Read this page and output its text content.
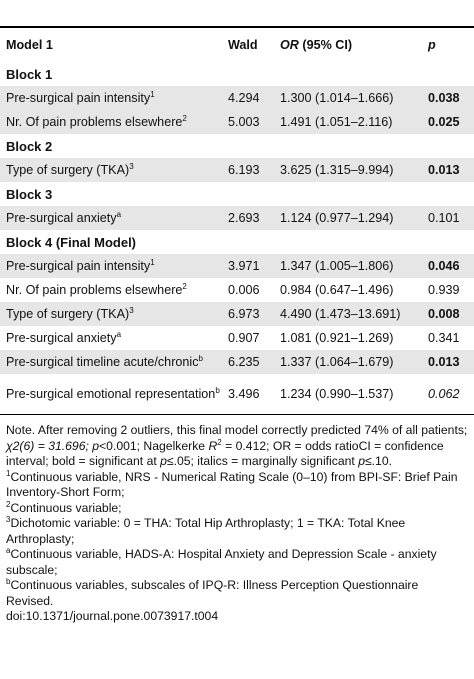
Model 1	Wald	OR (95% CI)	p
Block 1			
Pre-surgical pain intensity$^1$	4.294	1.300 (1.014–1.666)	0.038
Nr. Of pain problems elsewhere$^2$	5.003	1.491 (1.051–2.116)	0.025
Block 2			
Type of surgery (TKA)$^3$	6.193	3.625 (1.315–9.994)	0.013
Block 3			
Pre-surgical anxiety$^a$	2.693	1.124 (0.977–1.294)	0.101
Block 4 (Final Model)			
Pre-surgical pain intensity$^1$	3.971	1.347 (1.005–1.806)	0.046
Nr. Of pain problems elsewhere$^2$	0.006	0.984 (0.647–1.496)	0.939
Type of surgery (TKA)$^3$	6.973	4.490 (1.473–13.691)	0.008
Pre-surgical anxiety$^a$	0.907	1.081 (0.921–1.269)	0.341
Pre-surgical timeline acute/chronic$^b$	6.235	1.337 (1.064–1.679)	0.013
Pre-surgical emotional representation$^b$	3.496	1.234 (0.990–1.537)	0.062

Note. After removing 2 outliers, this final model correctly predicted 74% of all patients; χ2(6) = 31.696; p<0.001; Nagelkerke $R^2 = 0.412$; OR = odds ratioCI = confidence interval; bold = significant at p≤.05; italics = marginally significant p≤.10.

$^1$Continuous variable, NRS - Numerical Rating Scale (0–10) from BPI-SF: Brief Pain Inventory-Short Form;

$^2$Continuous variable;

$^3$Dichotomic variable: 0 = THA: Total Hip Arthroplasty; 1 = TKA: Total Knee Arthroplasty;

$^a$Continuous variable, HADS-A: Hospital Anxiety and Depression Scale - anxiety subscale;

$^b$Continuous variables, subscales of IPQ-R: Illness Perception Questionnaire Revised.

doi:10.1371/journal.pone.0073917.t004
